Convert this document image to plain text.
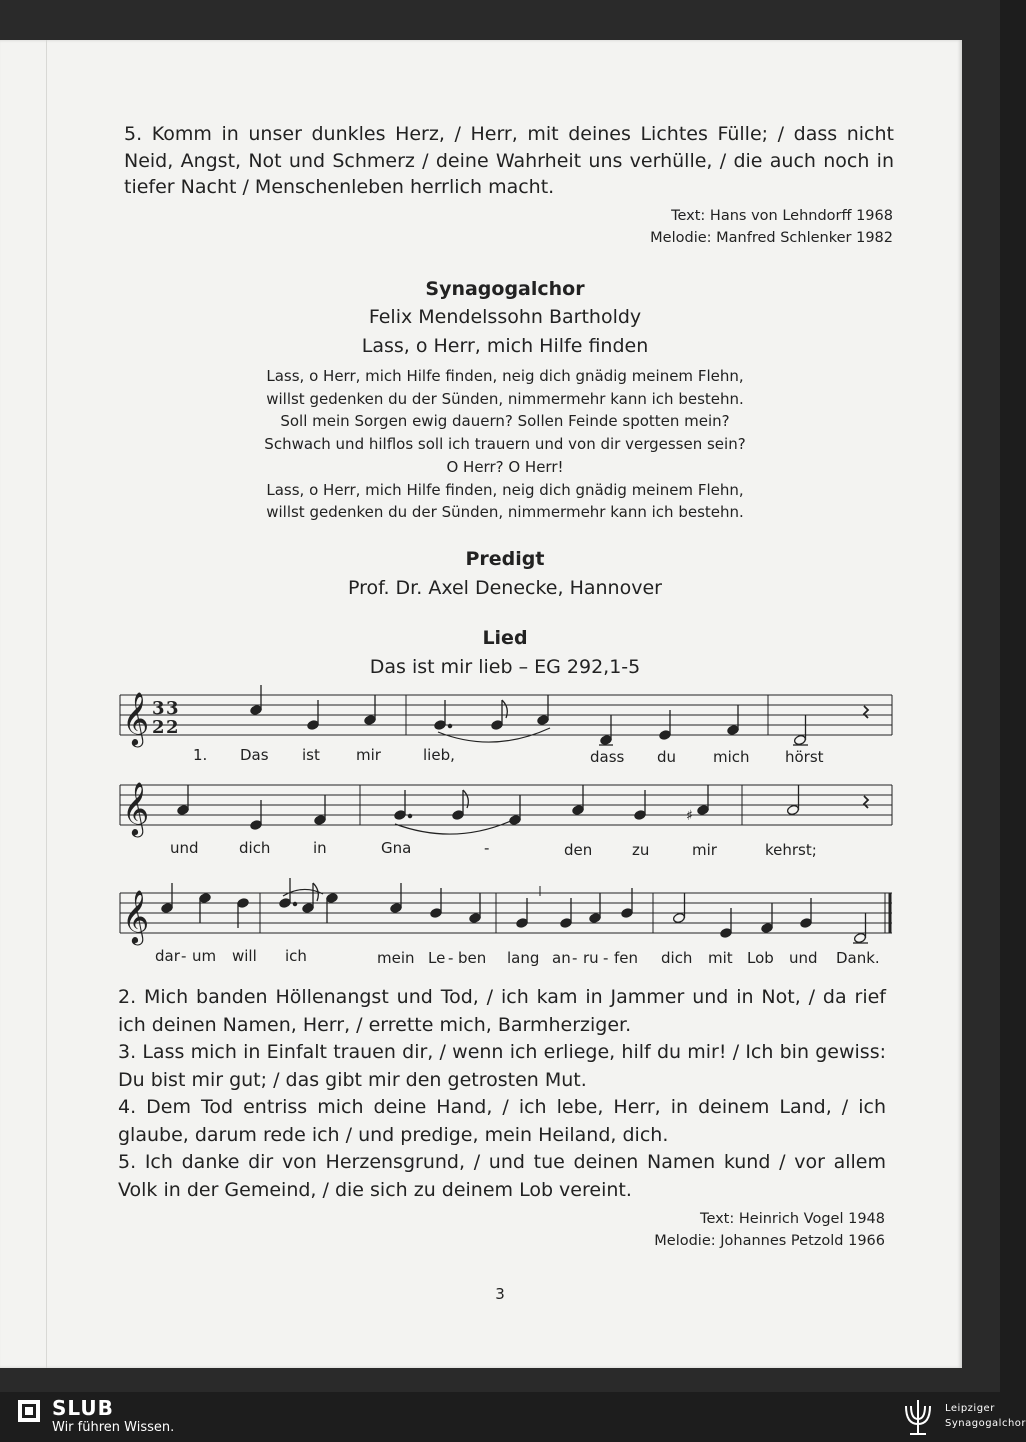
5. Komm in unser dunkles Herz, / Herr, mit deines Lichtes Fülle; / dass nicht Neid, Angst, Not und Schmerz / deine Wahrheit uns verhülle, / die auch noch in tiefer Nacht / Menschenleben herrlich macht.

Text: Hans von Lehndorff 1968
Melodie: Manfred Schlenker 1982
Synagogalchor
Felix Mendelssohn Bartholdy
Lass, o Herr, mich Hilfe finden
Lass, o Herr, mich Hilfe finden, neig dich gnädig meinem Flehn,
willst gedenken du der Sünden, nimmermehr kann ich bestehn.
Soll mein Sorgen ewig dauern? Sollen Feinde spotten mein?
Schwach und hilflos soll ich trauern und von dir vergessen sein?
O Herr? O Herr!
Lass, o Herr, mich Hilfe finden, neig dich gnädig meinem Flehn,
willst gedenken du der Sünden, nimmermehr kann ich bestehn.
Predigt
Prof. Dr. Axel Denecke, Hannover
Lied
Das ist mir lieb – EG 292,1-5
𝄞 3 3
2 2
1. Das ist mir	lieb,	dass du mich hörst
𝄞	♯
und	dich	in	Gna	-	den	zu	mir	kehrst;
𝄞
dar - um will ich	mein Le - ben lang an - ru - fen dich mit Lob und Dank.
2. Mich banden Höllenangst und Tod, / ich kam in Jammer und in Not, / da rief ich deinen Namen, Herr, / errette mich, Barmherziger.
3. Lass mich in Einfalt trauen dir, / wenn ich erliege, hilf du mir! / Ich bin gewiss: Du bist mir gut; / das gibt mir den getrosten Mut.
4. Dem Tod entriss mich deine Hand, / ich lebe, Herr, in deinem Land, / ich glaube, darum rede ich / und predige, mein Heiland, dich.
5. Ich danke dir von Herzensgrund, / und tue deinen Namen kund / vor allem Volk in der Gemeind, / die sich zu deinem Lob vereint.
Text: Heinrich Vogel 1948
Melodie: Johannes Petzold 1966
3
SLUB
Wir führen Wissen.
Leipziger
Synagogalchor
